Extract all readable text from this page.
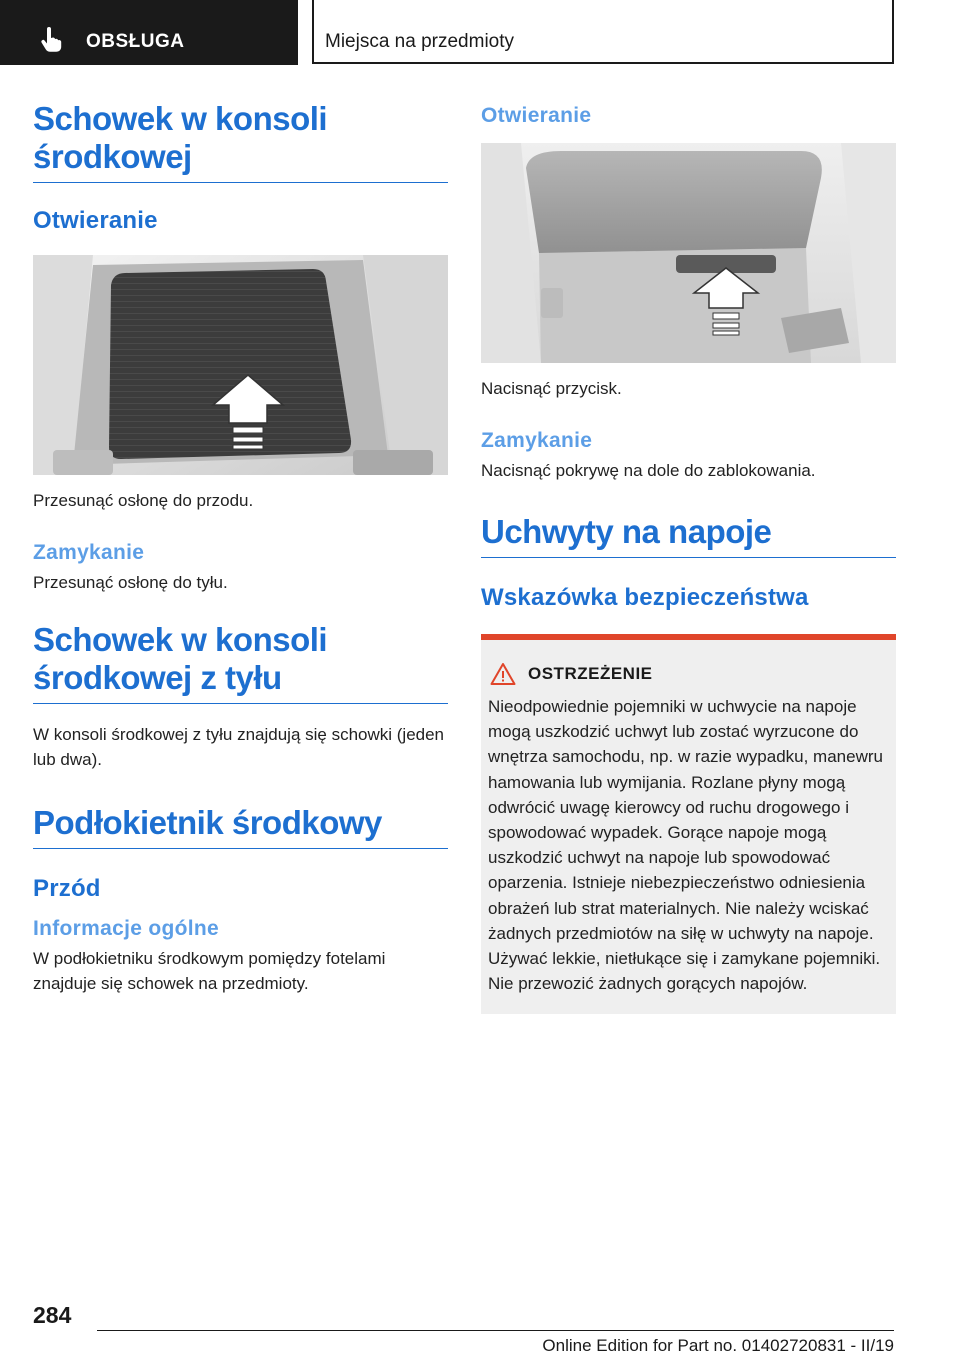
OBSŁUGA	Miejsca na przedmioty
Schowek w konsoli środkowej
Otwieranie

Przesunąć osłonę do przodu.

Zamykanie

Przesunąć osłonę do tyłu.

Schowek w konsoli środkowej z tyłu

W konsoli środkowej z tyłu znajdują się schowki (jeden lub dwa).

Podłokietnik środkowy
Przód
Informacje ogólne

W podłokietniku środkowym pomiędzy fotelami znajduje się schowek na przedmioty.

Otwieranie

Nacisnąć przycisk.

Zamykanie

Nacisnąć pokrywę na dole do zablokowania.

Uchwyty na napoje
Wskazówka bezpieczeństwa
OSTRZEŻENIE
Nieodpowiednie pojemniki w uchwycie na napoje mogą uszkodzić uchwyt lub zostać wyrzucone do wnętrza samochodu, np. w razie wypadku, manewru hamowania lub wymijania. Rozlane płyny mogą odwrócić uwagę kierowcy od ruchu drogowego i spowodować wypadek. Gorące napoje mogą uszkodzić uchwyt na napoje lub spowodować oparzenia. Istnieje niebezpieczeństwo odniesienia obrażeń lub strat materialnych. Nie należy wciskać żadnych przedmiotów na siłę w uchwyty na napoje. Używać lekkie, nietłukące się i zamykane pojemniki. Nie przewozić żadnych gorących napojów.
284
Online Edition for Part no. 01402720831 - II/19
